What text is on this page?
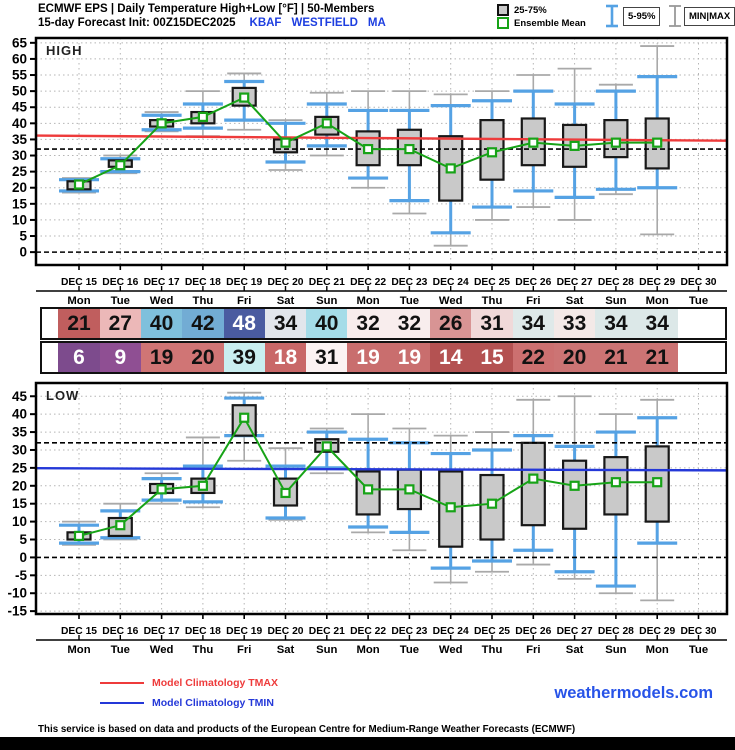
ECMWF EPS | Daily Temperature High+Low [°F] | 50-Members
15-day Forecast Init: 00Z15DEC2025 KBAF WESTFIELD MA
25-75%
Ensemble Mean
5-95%	MIN|MAX
65
60
55
50
45
40
35
30
25
20
15
10
5
0
HIGH
DEC 15 DEC 16 DEC 17 DEC 18 DEC 19 DEC 20 DEC 21 DEC 22 DEC 23 DEC 24 DEC 25 DEC 26 DEC 27 DEC 28 DEC 29 DEC 30
Mon Tue Wed Thu Fri Sat Sun Mon Tue Wed Thu Fri Sat Sun Mon Tue
45
40
35
30
25
20
15
10
5
0
-5
-10
-15
LOW
DEC 15 DEC 16 DEC 17 DEC 18 DEC 19 DEC 20 DEC 21 DEC 22 DEC 23 DEC 24 DEC 25 DEC 26 DEC 27 DEC 28 DEC 29 DEC 30
Mon Tue Wed Thu Fri Sat Sun Mon Tue Wed Thu Fri Sat Sun Mon Tue
21 27 40 42 48 34 40 32 32 26 31 34 33 34 34
6	9	19 20 39 18 31 19 19 14 15 22 20 21 21
Model Climatology TMAX
Model Climatology TMIN
weathermodels.com
This service is based on data and products of the European Centre for Medium-Range Weather Forecasts (ECMWF)
